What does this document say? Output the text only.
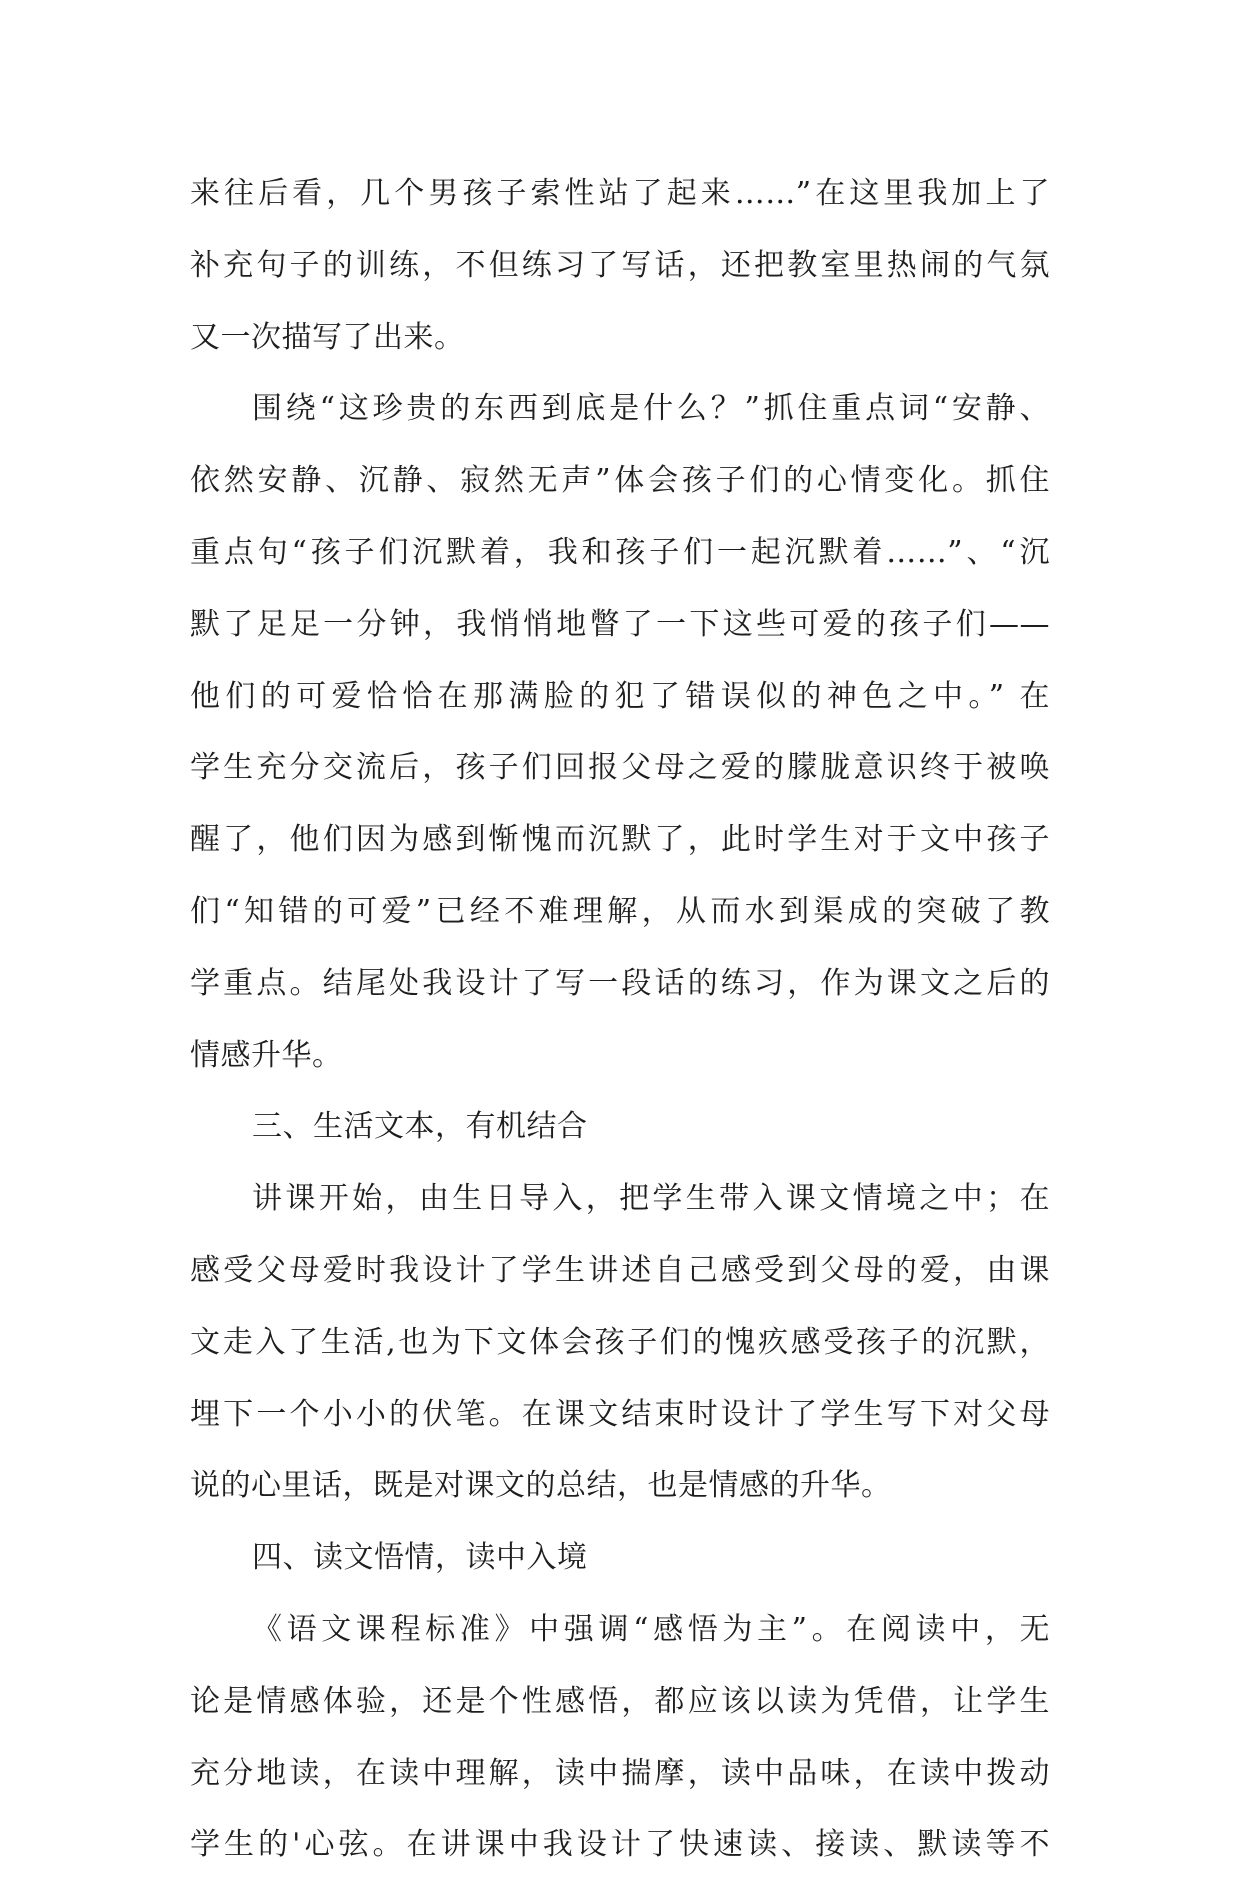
来往后看，几个男孩子索性站了起来……”在这里我加上了
补充句子的训练，不但练习了写话，还把教室里热闹的气氛
又一次描写了出来。
围绕“这珍贵的东西到底是什么？”抓住重点词“安静、
依然安静、沉静、寂然无声”体会孩子们的心情变化。抓住
重点句“孩子们沉默着，我和孩子们一起沉默着……”、“沉
默了足足一分钟，我悄悄地瞥了一下这些可爱的孩子们——
他们的可爱恰恰在那满脸的犯了错误似的神色之中。” 在
学生充分交流后，孩子们回报父母之爱的朦胧意识终于被唤
醒了，他们因为感到惭愧而沉默了，此时学生对于文中孩子
们“知错的可爱”已经不难理解，从而水到渠成的突破了教
学重点。结尾处我设计了写一段话的练习，作为课文之后的
情感升华。
三、生活文本，有机结合
讲课开始，由生日导入，把学生带入课文情境之中；在
感受父母爱时我设计了学生讲述自己感受到父母的爱，由课
文走入了生活,也为下文体会孩子们的愧疚感受孩子的沉默，
埋下一个小小的伏笔。在课文结束时设计了学生写下对父母
说的心里话，既是对课文的总结，也是情感的升华。
四、读文悟情，读中入境
《语文课程标准》中强调“感悟为主”。在阅读中，无
论是情感体验，还是个性感悟，都应该以读为凭借，让学生
充分地读，在读中理解，读中揣摩，读中品味，在读中拨动
学生的'心弦。在讲课中我设计了快速读、接读、默读等不
